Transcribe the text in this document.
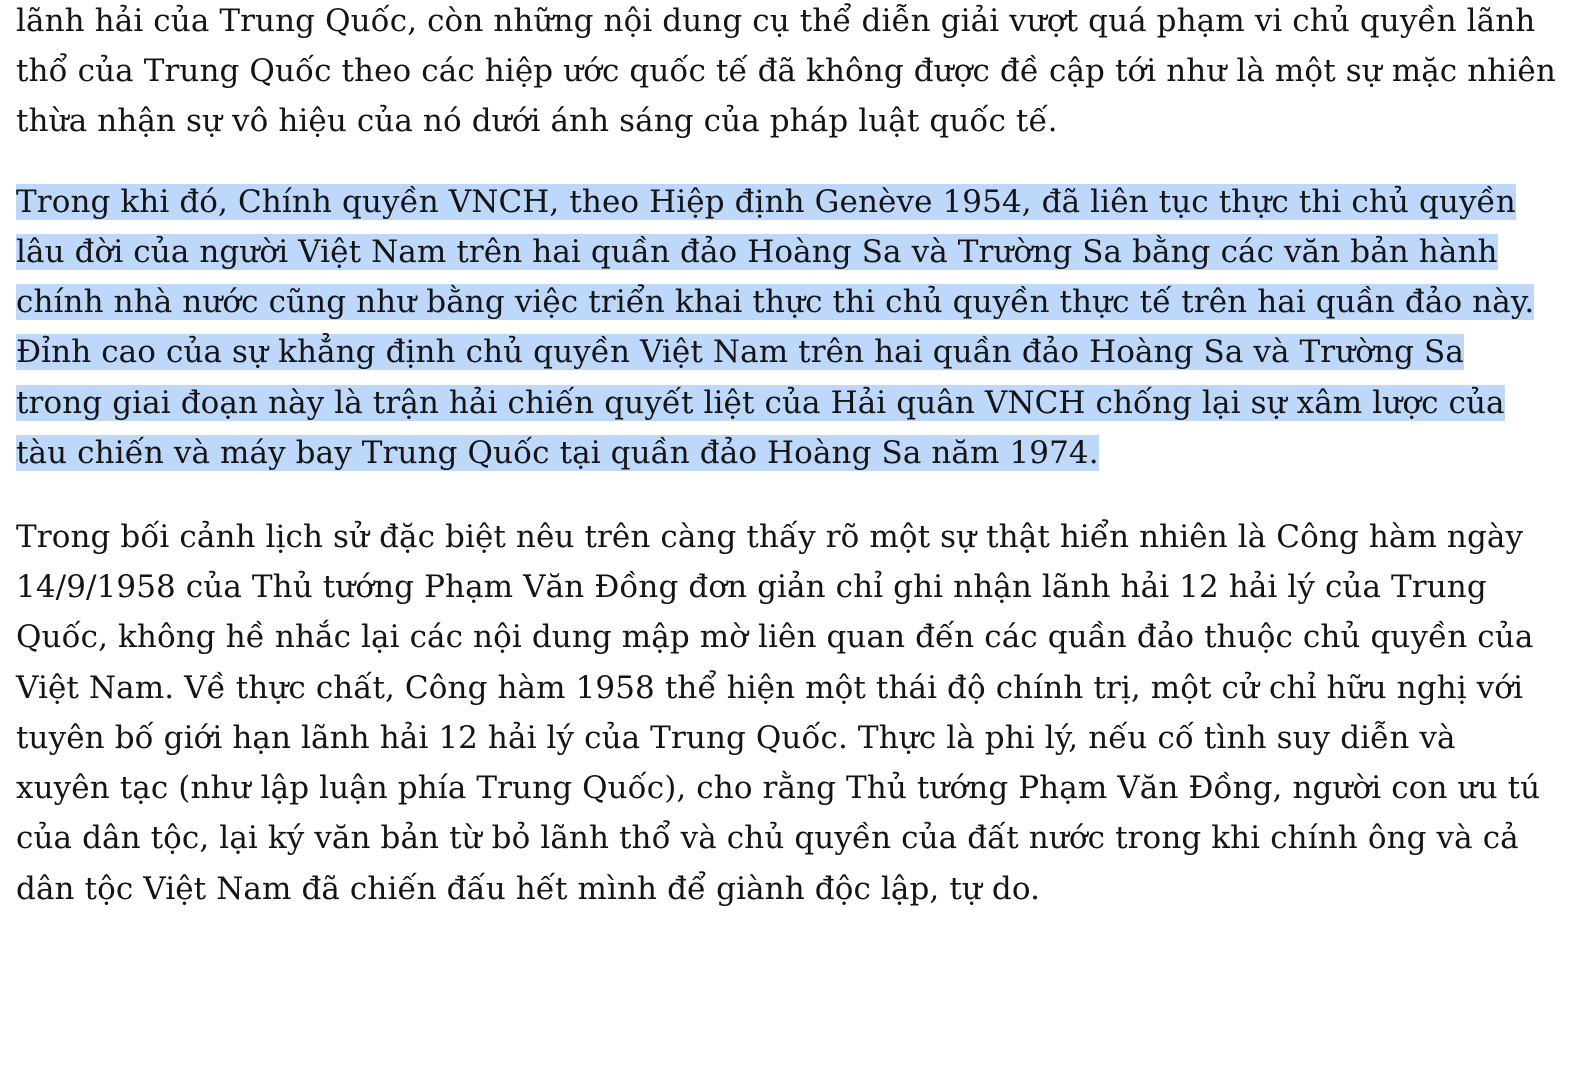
lãnh hải của Trung Quốc, còn những nội dung cụ thể diễn giải vượt quá phạm vi chủ quyền lãnh thổ của Trung Quốc theo các hiệp ước quốc tế đã không được đề cập tới như là một sự mặc nhiên thừa nhận sự vô hiệu của nó dưới ánh sáng của pháp luật quốc tế.

Trong khi đó, Chính quyền VNCH, theo Hiệp định Genève 1954, đã liên tục thực thi chủ quyền lâu đời của người Việt Nam trên hai quần đảo Hoàng Sa và Trường Sa bằng các văn bản hành chính nhà nước cũng như bằng việc triển khai thực thi chủ quyền thực tế trên hai quần đảo này. Đỉnh cao của sự khẳng định chủ quyền Việt Nam trên hai quần đảo Hoàng Sa và Trường Sa trong giai đoạn này là trận hải chiến quyết liệt của Hải quân VNCH chống lại sự xâm lược của tàu chiến và máy bay Trung Quốc tại quần đảo Hoàng Sa năm 1974.

Trong bối cảnh lịch sử đặc biệt nêu trên càng thấy rõ một sự thật hiển nhiên là Công hàm ngày 14/9/1958 của Thủ tướng Phạm Văn Đồng đơn giản chỉ ghi nhận lãnh hải 12 hải lý của Trung Quốc, không hề nhắc lại các nội dung mập mờ liên quan đến các quần đảo thuộc chủ quyền của Việt Nam. Về thực chất, Công hàm 1958 thể hiện một thái độ chính trị, một cử chỉ hữu nghị với tuyên bố giới hạn lãnh hải 12 hải lý của Trung Quốc. Thực là phi lý, nếu cố tình suy diễn và xuyên tạc (như lập luận phía Trung Quốc), cho rằng Thủ tướng Phạm Văn Đồng, người con ưu tú của dân tộc, lại ký văn bản từ bỏ lãnh thổ và chủ quyền của đất nước trong khi chính ông và cả dân tộc Việt Nam đã chiến đấu hết mình để giành độc lập, tự do.
